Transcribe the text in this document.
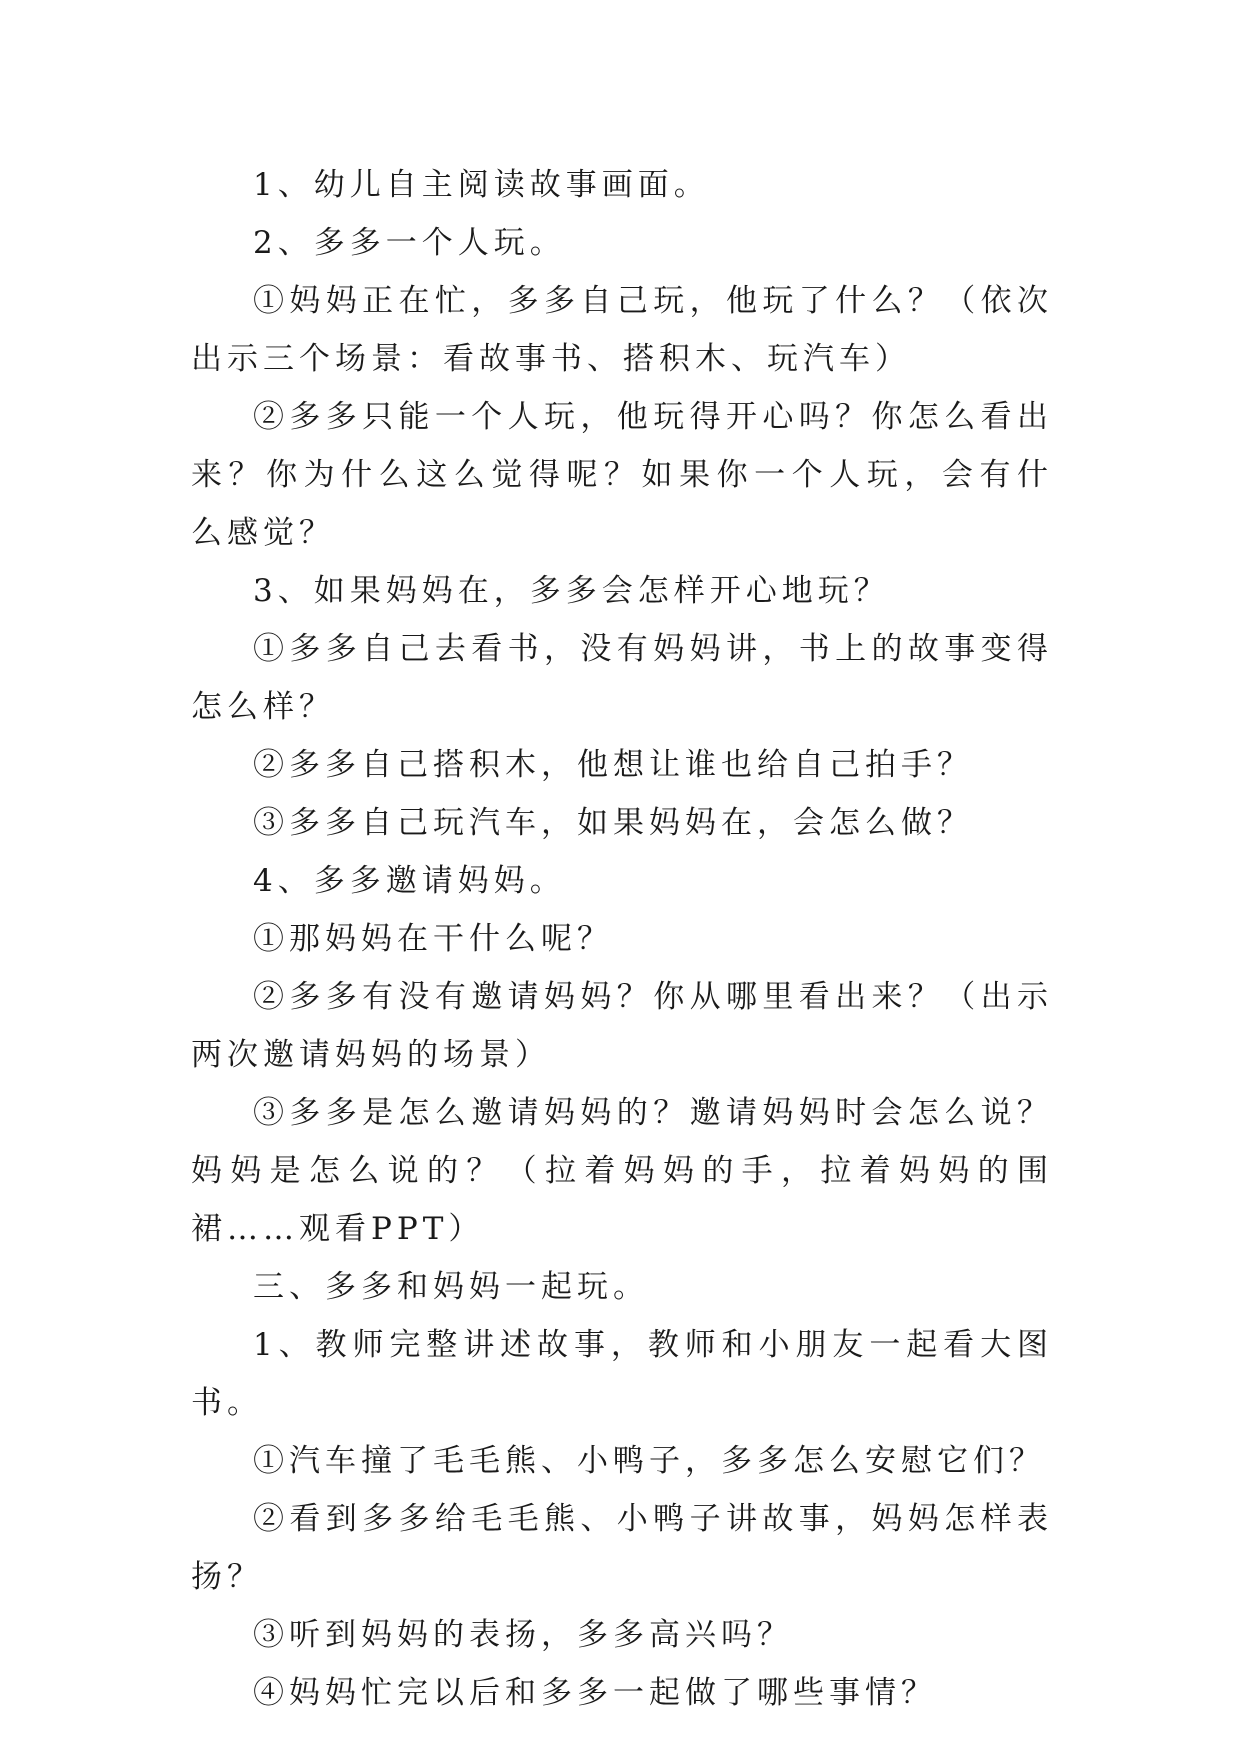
1、幼儿自主阅读故事画面。

2、多多一个人玩。

①妈妈正在忙，多多自己玩，他玩了什么？（依次出示三个场景：看故事书、搭积木、玩汽车）

②多多只能一个人玩，他玩得开心吗？你怎么看出来？你为什么这么觉得呢？如果你一个人玩，会有什么感觉？

3、如果妈妈在，多多会怎样开心地玩？

①多多自己去看书，没有妈妈讲，书上的故事变得怎么样？

②多多自己搭积木，他想让谁也给自己拍手？

③多多自己玩汽车，如果妈妈在，会怎么做？

4、多多邀请妈妈。

①那妈妈在干什么呢？

②多多有没有邀请妈妈？你从哪里看出来？（出示两次邀请妈妈的场景）

③多多是怎么邀请妈妈的？邀请妈妈时会怎么说？妈妈是怎么说的？（拉着妈妈的手，拉着妈妈的围裙……观看PPT）

三、多多和妈妈一起玩。

1、教师完整讲述故事，教师和小朋友一起看大图书。

①汽车撞了毛毛熊、小鸭子，多多怎么安慰它们？

②看到多多给毛毛熊、小鸭子讲故事，妈妈怎样表扬？

③听到妈妈的表扬，多多高兴吗？

④妈妈忙完以后和多多一起做了哪些事情？
